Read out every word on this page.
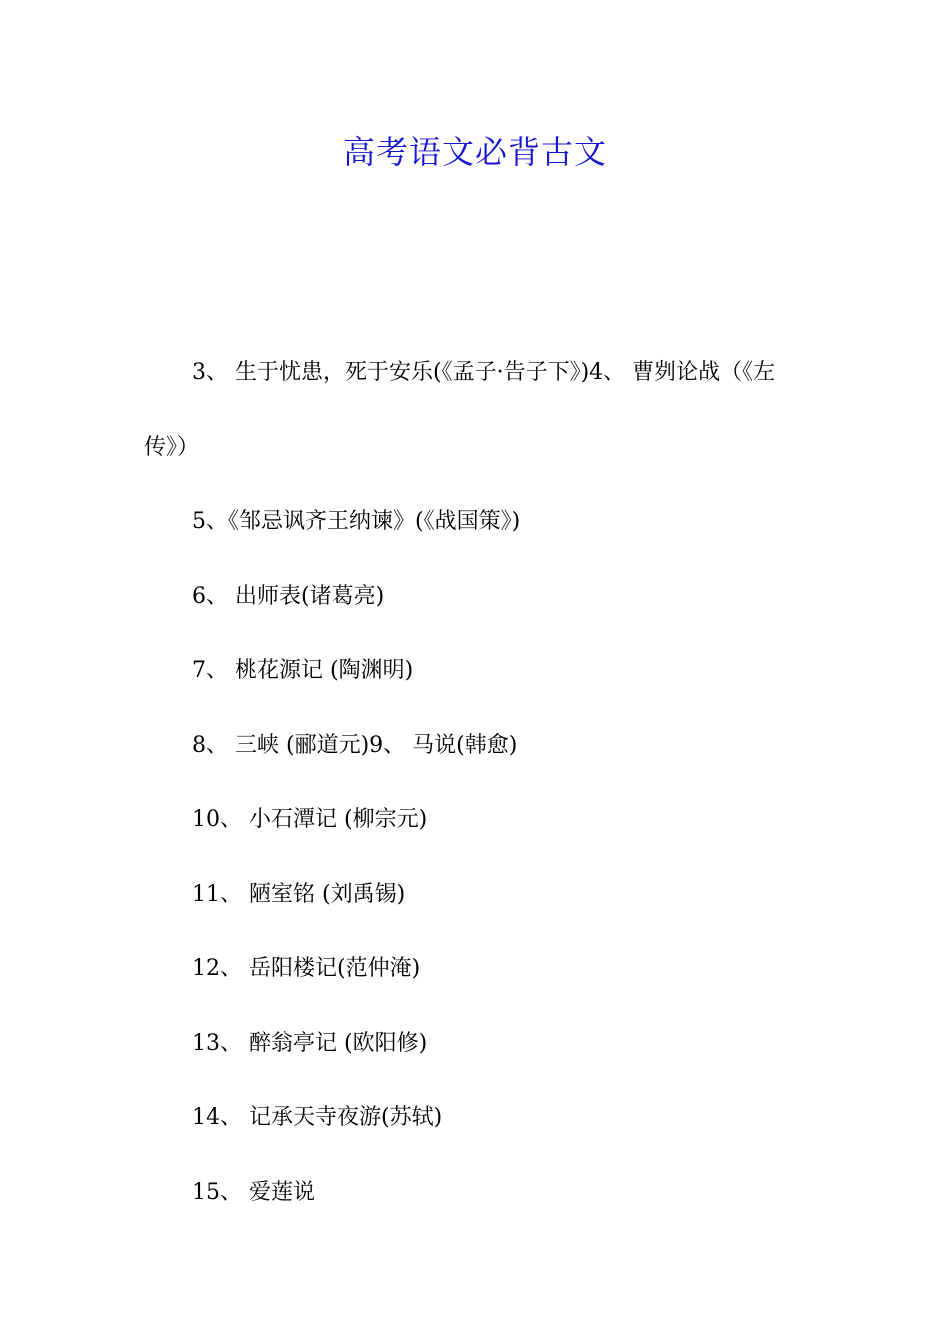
高考语文必背古文

3、 生于忧患，死于安乐(《孟子·告子下》)4、 曹刿论战（《左传》）

5、《邹忌讽齐王纳谏》(《战国策》)

6、 出师表(诸葛亮)

7、 桃花源记 (陶渊明)

8、 三峡 (郦道元)9、 马说(韩愈)

10、 小石潭记 (柳宗元)

11、 陋室铭 (刘禹锡)

12、 岳阳楼记(范仲淹)

13、 醉翁亭记 (欧阳修)

14、 记承天寺夜游(苏轼)

15、 爱莲说
